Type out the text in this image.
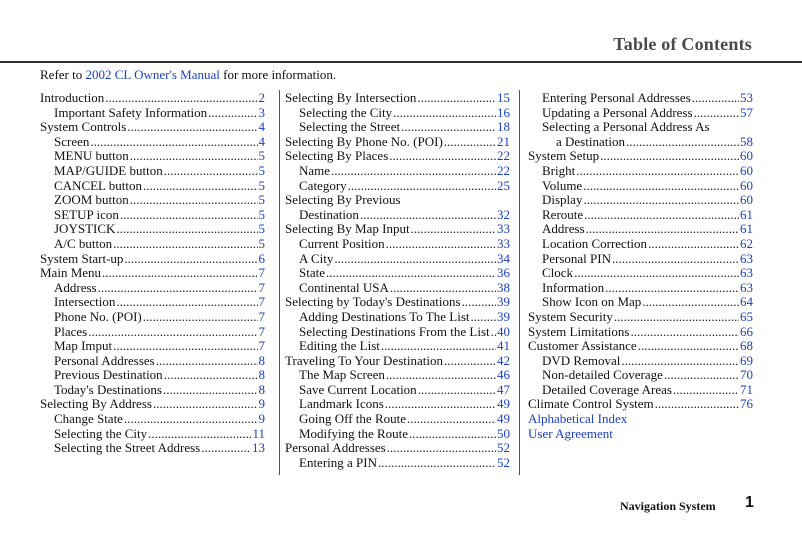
Table of Contents
Refer to 2002 CL Owner's Manual for more information.
Introduction .....	2
Important Safety Information .....	3
System Controls .....	4
Screen .....	4
MENU button .....	5
MAP/GUIDE button .....	5
CANCEL button .....	5
ZOOM button .....	5
SETUP icon .....	5
JOYSTICK .....	5
A/C button .....	5
System Start-up .....	6
Main Menu .....	7
Address .....	7
Intersection .....	7
Phone No. (POI) .....	7
Places .....	7
Map Imput .....	7
Personal Addresses .....	8
Previous Destination .....	8
Today's Destinations .....	8
Selecting By Address .....	9
Change State .....	9
Selecting the City .....	11
Selecting the Street Address .....	13
Selecting By Intersection .....	15
Selecting the City .....	16
Selecting the Street .....	18
Selecting By Phone No. (POI) .....	21
Selecting By Places .....	22
Name .....	22
Category .....	25
Selecting By Previous
Destination .....	32
Selecting By Map Input .....	33
Current Position .....	33
A City .....	34
State .....	36
Continental USA .....	38
Selecting by Today's Destinations .....	39
Adding Destinations To The List ..... 39
Selecting Destinations From the List ..... 40
Editing the List .....	41
Traveling To Your Destination .....	42
The Map Screen .....	46
Save Current Location .....	47
Landmark Icons .....	49
Going Off the Route .....	49
Modifying the Route .....	50
Personal Addresses .....	52
Entering a PIN .....	52
Entering Personal Addresses .....	53
Updating a Personal Address .....	57
Selecting a Personal Address As
a Destination .....	58
System Setup .....	60
Bright .....	60
Volume .....	60
Display .....	60
Reroute .....	61
Address .....	61
Location Correction .....	62
Personal PIN .....	63
Clock .....	63
Information .....	63
Show Icon on Map .....	64
System Security .....	65
System Limitations .....	66
Customer Assistance .....	68
DVD Removal .....	69
Non-detailed Coverage .....	70
Detailed Coverage Areas .....	71
Climate Control System .....	76
Alphabetical Index
User Agreement
Navigation System 1
